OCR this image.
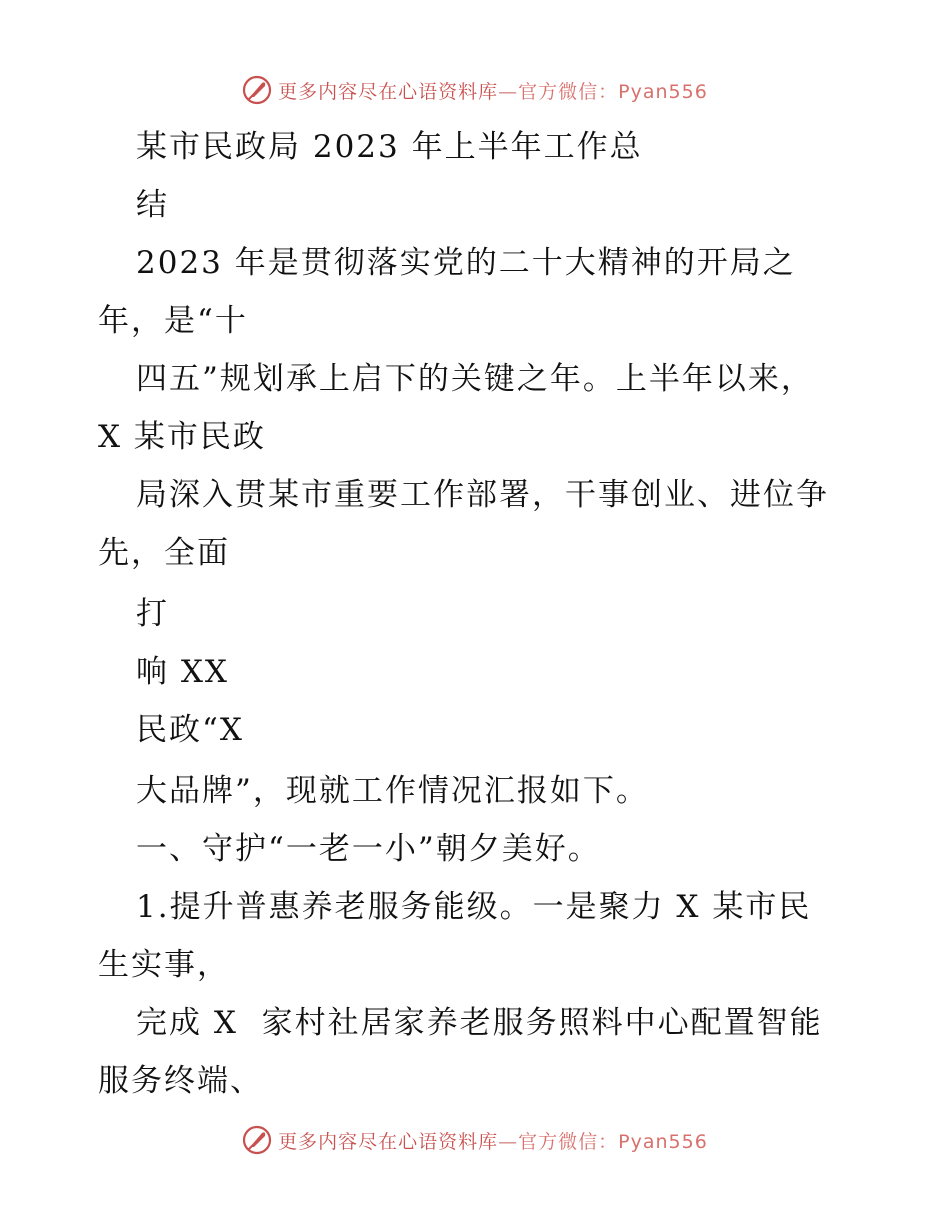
更多内容尽在心语资料库—官方微信：Pyan556
某市民政局 2023 年上半年工作总
结
2023 年是贯彻落实党的二十大精神的开局之
年，是“十
四五”规划承上启下的关键之年。上半年以来，
X 某市民政
局深入贯某市重要工作部署，干事创业、进位争
先，全面
打
响 XX
民政“X
大品牌”，现就工作情况汇报如下。
一、守护“一老一小”朝夕美好。
1.提升普惠养老服务能级。一是聚力 X 某市民
生实事，
完成 X  家村社居家养老服务照料中心配置智能
服务终端、
更多内容尽在心语资料库—官方微信：Pyan556
